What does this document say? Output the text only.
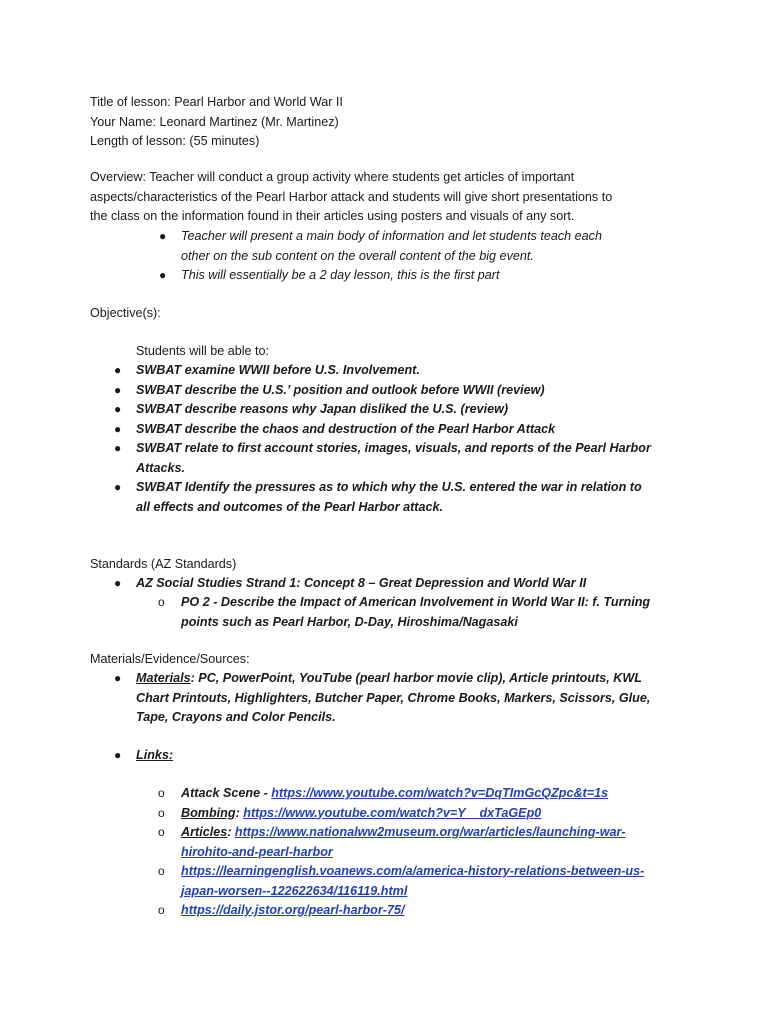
Title of lesson: Pearl Harbor and World War II
Your Name: Leonard Martinez (Mr. Martinez)
Length of lesson: (55 minutes)
Overview: Teacher will conduct a group activity where students get articles of important
aspects/characteristics of the Pearl Harbor attack and students will give short presentations to
the class on the information found in their articles using posters and visuals of any sort.
● Teacher will present a main body of information and let students teach each
other on the sub content on the overall content of the big event.
● This will essentially be a 2 day lesson, this is the first part
Objective(s):
Students will be able to:
● SWBAT examine WWII before U.S. Involvement.
● SWBAT describe the U.S.’ position and outlook before WWII (review)
● SWBAT describe reasons why Japan disliked the U.S. (review)
● SWBAT describe the chaos and destruction of the Pearl Harbor Attack
● SWBAT relate to first account stories, images, visuals, and reports of the Pearl Harbor
Attacks.
● SWBAT Identify the pressures as to which why the U.S. entered the war in relation to
all effects and outcomes of the Pearl Harbor attack.
Standards (AZ Standards)
● AZ Social Studies Strand 1: Concept 8 – Great Depression and World War II
o PO 2 - Describe the Impact of American Involvement in World War II: f. Turning
points such as Pearl Harbor, D-Day, Hiroshima/Nagasaki
Materials/Evidence/Sources:
● Materials: PC, PowerPoint, YouTube (pearl harbor movie clip), Article printouts, KWL
Chart Printouts, Highlighters, Butcher Paper, Chrome Books, Markers, Scissors, Glue,
Tape, Crayons and Color Pencils.
● Links:
o Attack Scene - https://www.youtube.com/watch?v=DqTImGcQZpc&t=1s
o Bombing: https://www.youtube.com/watch?v=Y    dxTaGEp0
o Articles: https://www.nationalww2museum.org/war/articles/launching-war-
hirohito-and-pearl-harbor
o https://learningenglish.voanews.com/a/america-history-relations-between-us-
japan-worsen--122622634/116119.html
o https://daily.jstor.org/pearl-harbor-75/
